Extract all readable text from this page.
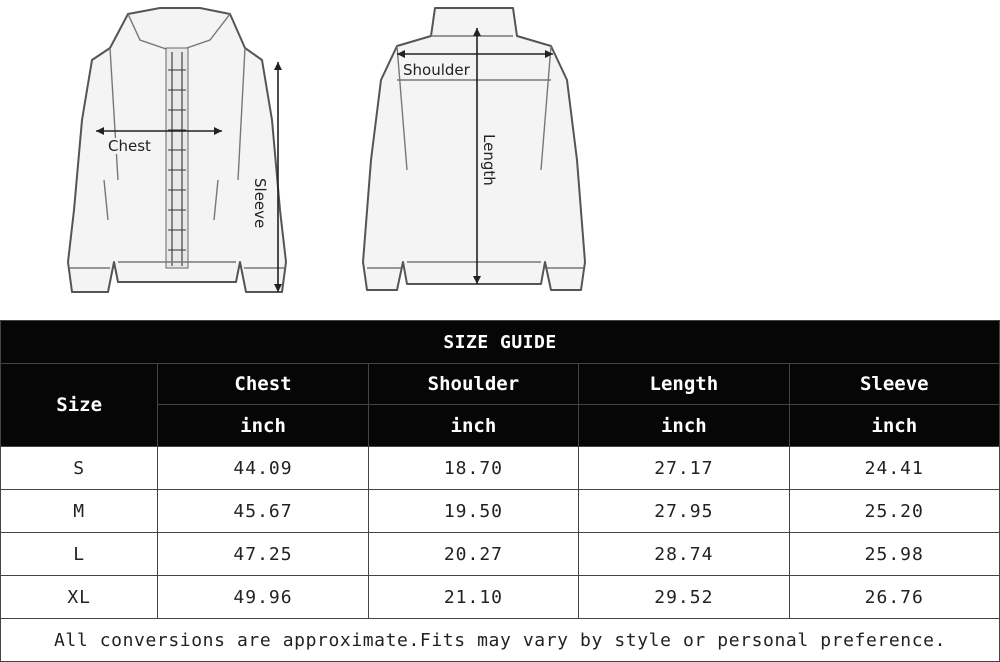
Chest
Sleeve
Shoulder
Length
SIZE GUIDE				
Size	Chest	Shoulder	Length	Sleeve
	inch	inch	inch	inch
S	44.09	18.70	27.17	24.41
M	45.67	19.50	27.95	25.20
L	47.25	20.27	28.74	25.98
XL	49.96	21.10	29.52	26.76
All conversions are approximate.Fits may vary by style or personal preference.				
